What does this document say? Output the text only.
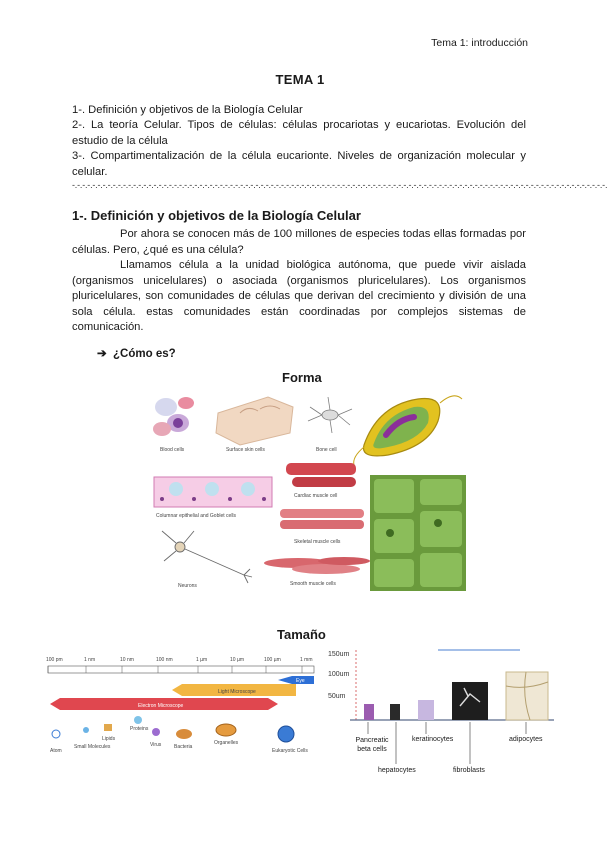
Tema 1: introducción
TEMA 1
1-. Definición y objetivos de la Biología Celular
2-. La teoría Celular. Tipos de células: células procariotas y eucariotas. Evolución del estudio de la célula
3-. Compartimentalización de la célula eucarionte. Niveles de organización molecular y celular.
-.-.-.-.-.-.-.-.-.-.-.-.-.-.-.-.-.-.-.-.-.-.-.-.-.-.-.-.-.-.-.-.-.-.-.-.-.-.-.-.-.-.-.-.-.-.-.-.-.-.-.-.-.-.-.-.-.-.-.-.-.-.-.-.-.-.-.-.-.-.-.-.-.-.-.-.-.-.-.-.-.-.-.-.-.-.-.-.-.-.-.-.-.-.-.-.-.-.-.-.-.-.-.-.-.
1-. Definición y objetivos de la Biología Celular
Por ahora se conocen más de 100 millones de especies todas ellas formadas por células. Pero, ¿qué es una célula?
Llamamos célula a la unidad biológica autónoma, que puede vivir aislada (organismos unicelulares) o asociada (organismos pluricelulares). Los organismos pluricelulares, son comunidades de células que derivan del crecimiento y división de una sola célula. estas comunidades están coordinadas por complejos sistemas de comunicación.
➔ ¿Cómo es?
Forma
Blood cells	Surface skin cells	Bone cell
Columnar epithelial and Goblet cells
Cardiac muscle cell
Skeletal muscle cells
Smooth muscle cells
Neurons
Tamaño
100 pm	1 nm	10 nm	100 nm	1 µm	10 µm	100 µm	1 mm
Eye
Light Microscope
Electron Microscope
Atom
Small Molecules
Lipids
Proteins
Virus	Bacteria
Organelles
Eukaryotic Cells
150um
100um
50um
Pancreatic beta cells
keratinocytes	adipocytes
hepatocytes	fibroblasts
